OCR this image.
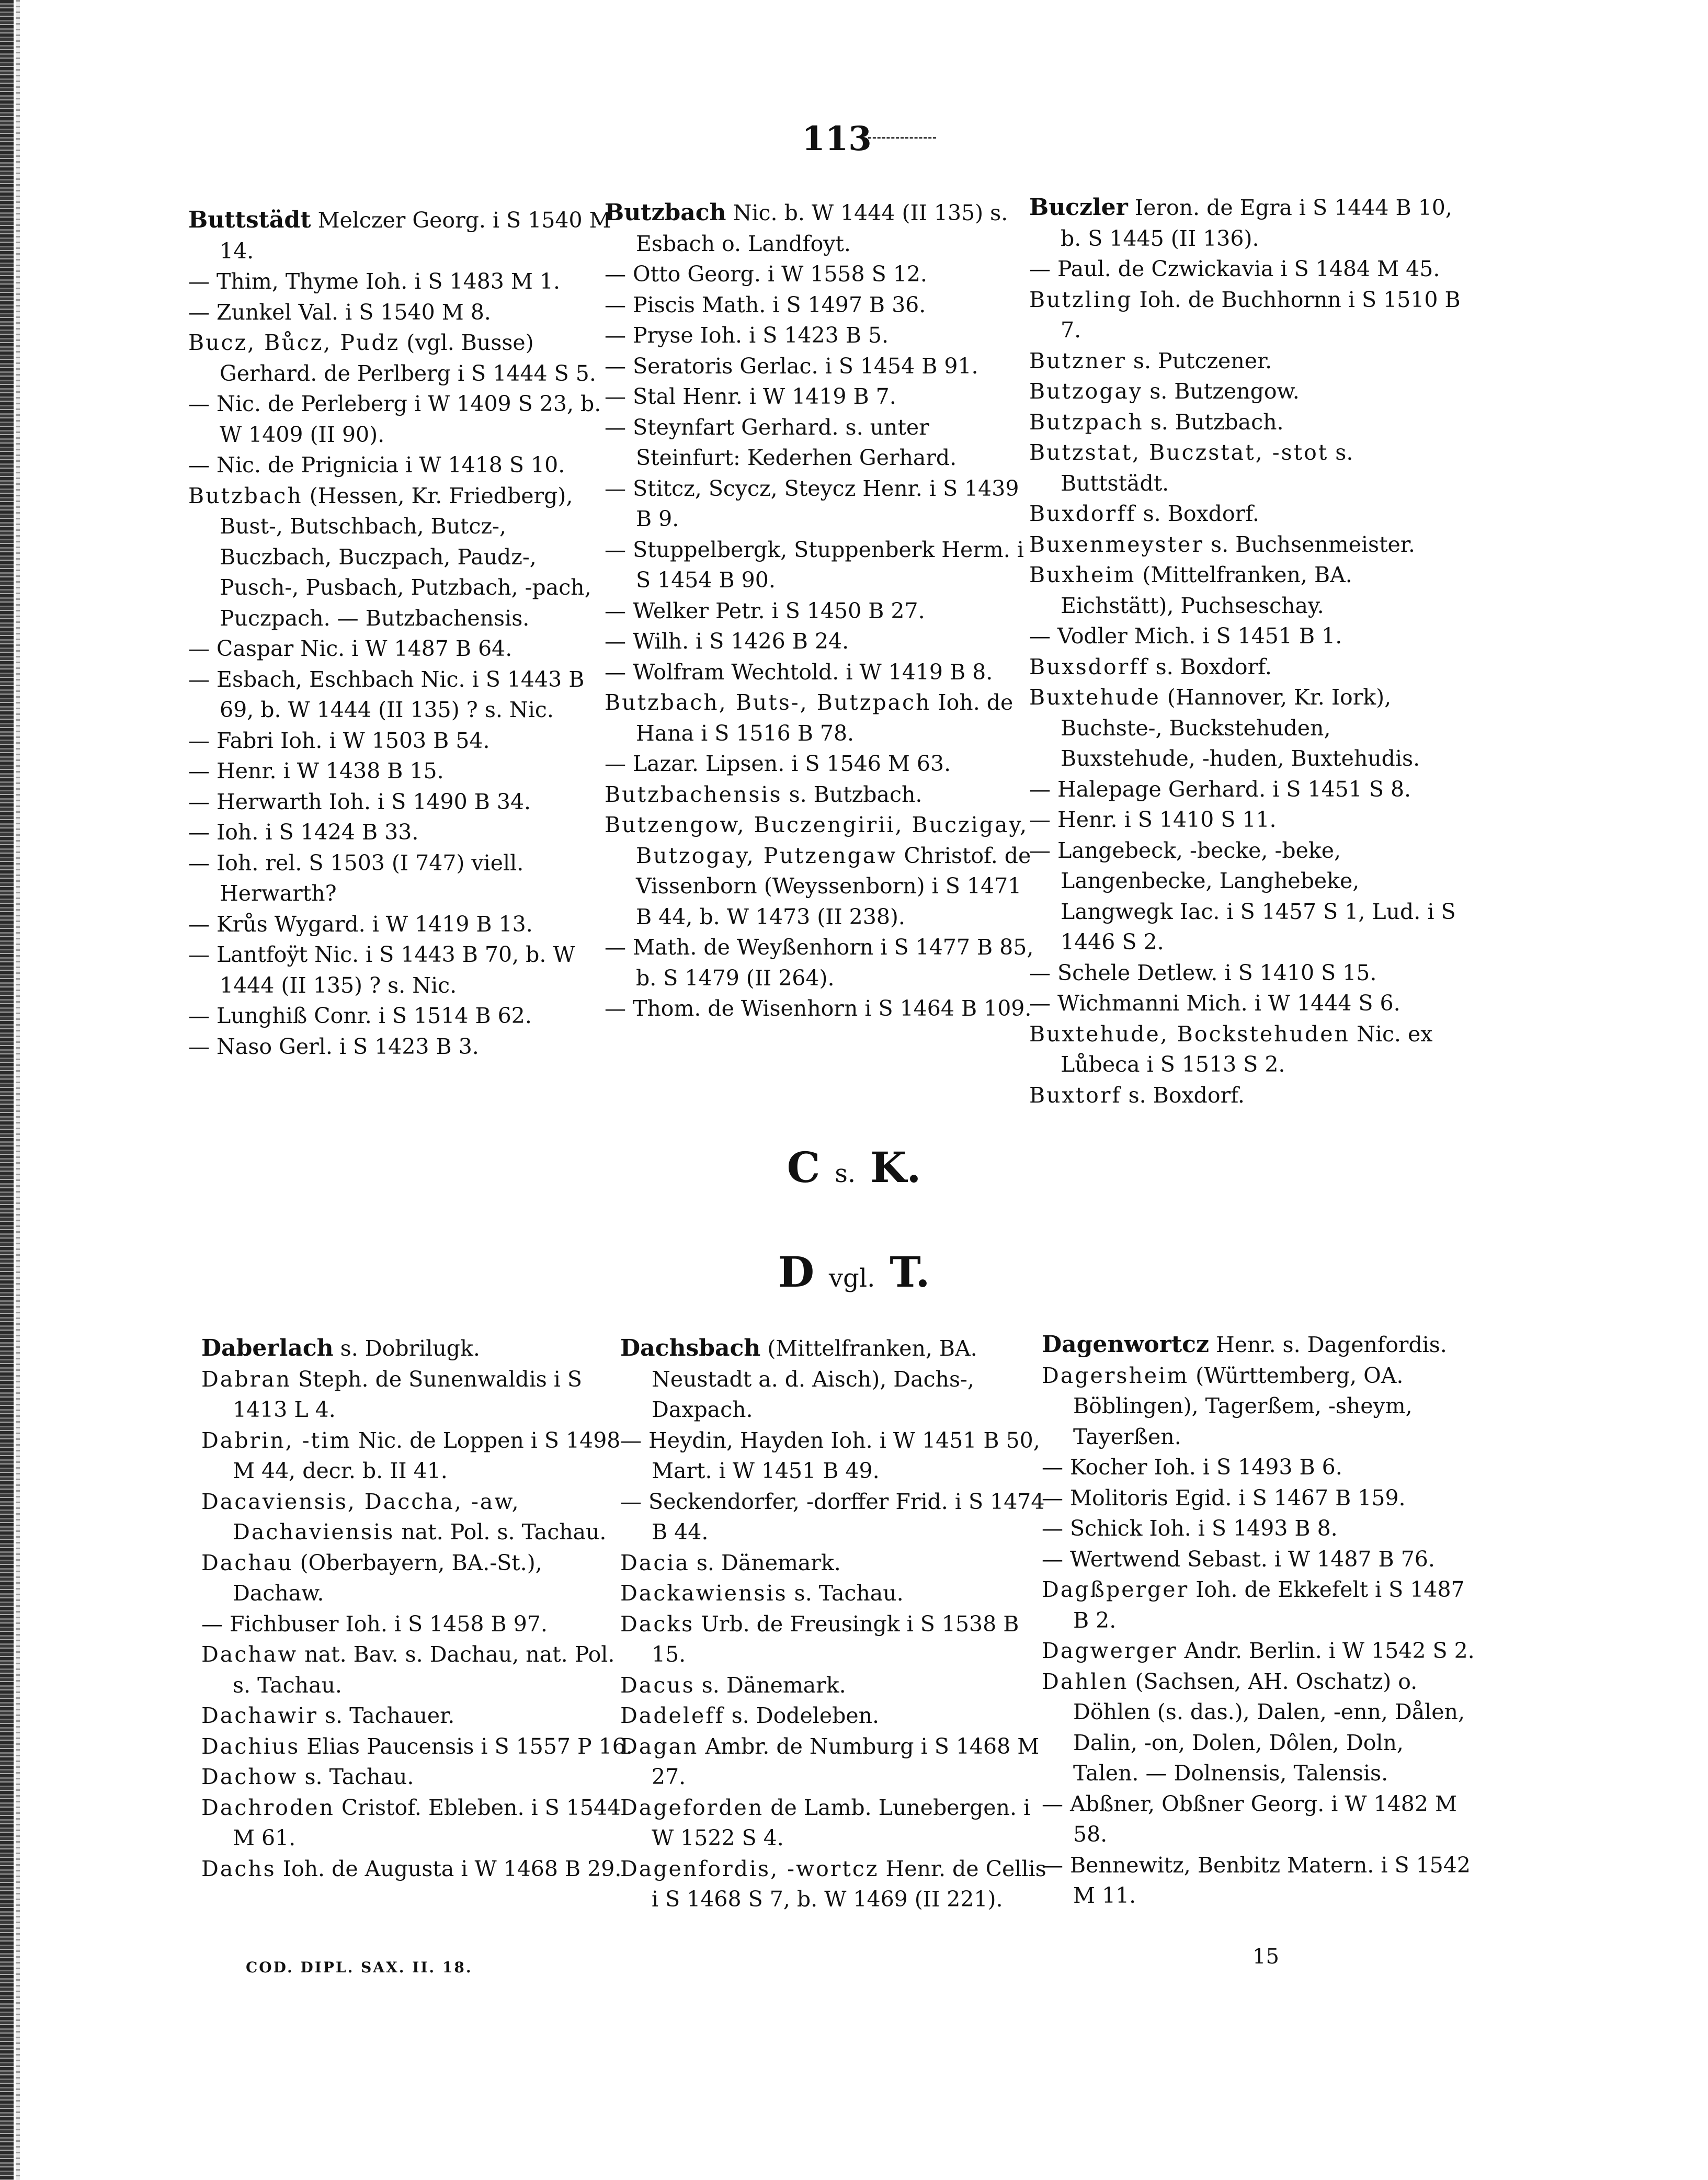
113

Buttstädt Melczer Georg. i S 1540 M 14.

— Thim, Thyme Ioh. i S 1483 M 1.

— Zunkel Val. i S 1540 M 8.

Bucz, Bůcz, Pudz (vgl. Busse) Gerhard. de Perlberg i S 1444 S 5.

— Nic. de Perleberg i W 1409 S 23, b. W 1409 (II 90).

— Nic. de Prignicia i W 1418 S 10.

Butzbach (Hessen, Kr. Friedberg), Bust-, Butschbach, Butcz-, Buczbach, Buczpach, Paudz-, Pusch-, Pusbach, Putzbach, -pach, Puczpach. — Butzbachensis.

— Caspar Nic. i W 1487 B 64.

— Esbach, Eschbach Nic. i S 1443 B 69, b. W 1444 (II 135) ? s. Nic.

— Fabri Ioh. i W 1503 B 54.

— Henr. i W 1438 B 15.

— Herwarth Ioh. i S 1490 B 34.

— Ioh. i S 1424 B 33.

— Ioh. rel. S 1503 (I 747) viell. Herwarth?

— Krůs Wygard. i W 1419 B 13.

— Lantfoÿt Nic. i S 1443 B 70, b. W 1444 (II 135) ? s. Nic.

— Lunghiß Conr. i S 1514 B 62.

— Naso Gerl. i S 1423 B 3.

Butzbach Nic. b. W 1444 (II 135) s. Esbach o. Landfoyt.

— Otto Georg. i W 1558 S 12.

— Piscis Math. i S 1497 B 36.

— Pryse Ioh. i S 1423 B 5.

— Seratoris Gerlac. i S 1454 B 91.

— Stal Henr. i W 1419 B 7.

— Steynfart Gerhard. s. unter Steinfurt: Kederhen Gerhard.

— Stitcz, Scycz, Steycz Henr. i S 1439 B 9.

— Stuppelbergk, Stuppenberk Herm. i S 1454 B 90.

— Welker Petr. i S 1450 B 27.

— Wilh. i S 1426 B 24.

— Wolfram Wechtold. i W 1419 B 8.

Butzbach, Buts-, Butzpach Ioh. de Hana i S 1516 B 78.

— Lazar. Lipsen. i S 1546 M 63.

Butzbachensis s. Butzbach.

Butzengow, Buczengirii, Buczigay, Butzogay, Putzengaw Christof. de Vissenborn (Weyssenborn) i S 1471 B 44, b. W 1473 (II 238).

— Math. de Weyßenhorn i S 1477 B 85, b. S 1479 (II 264).

— Thom. de Wisenhorn i S 1464 B 109.

Buczler Ieron. de Egra i S 1444 B 10, b. S 1445 (II 136).

— Paul. de Czwickavia i S 1484 M 45.

Butzling Ioh. de Buchhornn i S 1510 B 7.

Butzner s. Putczener.

Butzogay s. Butzengow.

Butzpach s. Butzbach.

Butzstat, Buczstat, -stot s. Buttstädt.

Buxdorff s. Boxdorf.

Buxenmeyster s. Buchsenmeister.

Buxheim (Mittelfranken, BA. Eichstätt), Puchseschay.

— Vodler Mich. i S 1451 B 1.

Buxsdorff s. Boxdorf.

Buxtehude (Hannover, Kr. Iork), Buchste-, Buckstehuden, Buxstehude, -huden, Buxtehudis.

— Halepage Gerhard. i S 1451 S 8.

— Henr. i S 1410 S 11.

— Langebeck, -becke, -beke, Langenbecke, Langhebeke, Langwegk Iac. i S 1457 S 1, Lud. i S 1446 S 2.

— Schele Detlew. i S 1410 S 15.

— Wichmanni Mich. i W 1444 S 6.

Buxtehude, Bockstehuden Nic. ex Lůbeca i S 1513 S 2.

Buxtorf s. Boxdorf.

C s. K.
D vgl. T.

Daberlach s. Dobrilugk.

Dabran Steph. de Sunenwaldis i S 1413 L 4.

Dabrin, -tim Nic. de Loppen i S 1498 M 44, decr. b. II 41.

Dacaviensis, Daccha, -aw, Dachaviensis nat. Pol. s. Tachau.

Dachau (Oberbayern, BA.-St.), Dachaw.

— Fichbuser Ioh. i S 1458 B 97.

Dachaw nat. Bav. s. Dachau, nat. Pol. s. Tachau.

Dachawir s. Tachauer.

Dachius Elias Paucensis i S 1557 P 16.

Dachow s. Tachau.

Dachroden Cristof. Ebleben. i S 1544 M 61.

Dachs Ioh. de Augusta i W 1468 B 29.

Dachsbach (Mittelfranken, BA. Neustadt a. d. Aisch), Dachs-, Daxpach.

— Heydin, Hayden Ioh. i W 1451 B 50, Mart. i W 1451 B 49.

— Seckendorfer, -dorffer Frid. i S 1474 B 44.

Dacia s. Dänemark.

Dackawiensis s. Tachau.

Dacks Urb. de Freusingk i S 1538 B 15.

Dacus s. Dänemark.

Dadeleff s. Dodeleben.

Dagan Ambr. de Numburg i S 1468 M 27.

Dageforden de Lamb. Lunebergen. i W 1522 S 4.

Dagenfordis, -wortcz Henr. de Cellis i S 1468 S 7, b. W 1469 (II 221).

Dagenwortcz Henr. s. Dagenfordis.

Dagersheim (Württemberg, OA. Böblingen), Tagerßem, -sheym, Tayerßen.

— Kocher Ioh. i S 1493 B 6.

— Molitoris Egid. i S 1467 B 159.

— Schick Ioh. i S 1493 B 8.

— Wertwend Sebast. i W 1487 B 76.

Dagßperger Ioh. de Ekkefelt i S 1487 B 2.

Dagwerger Andr. Berlin. i W 1542 S 2.

Dahlen (Sachsen, AH. Oschatz) o. Döhlen (s. das.), Dalen, -enn, Dålen, Dalin, -on, Dolen, Dôlen, Doln, Talen. — Dolnensis, Talensis.

— Abßner, Obßner Georg. i W 1482 M 58.

— Bennewitz, Benbitz Matern. i S 1542 M 11.

COD. DIPL. SAX. II. 18.	15
